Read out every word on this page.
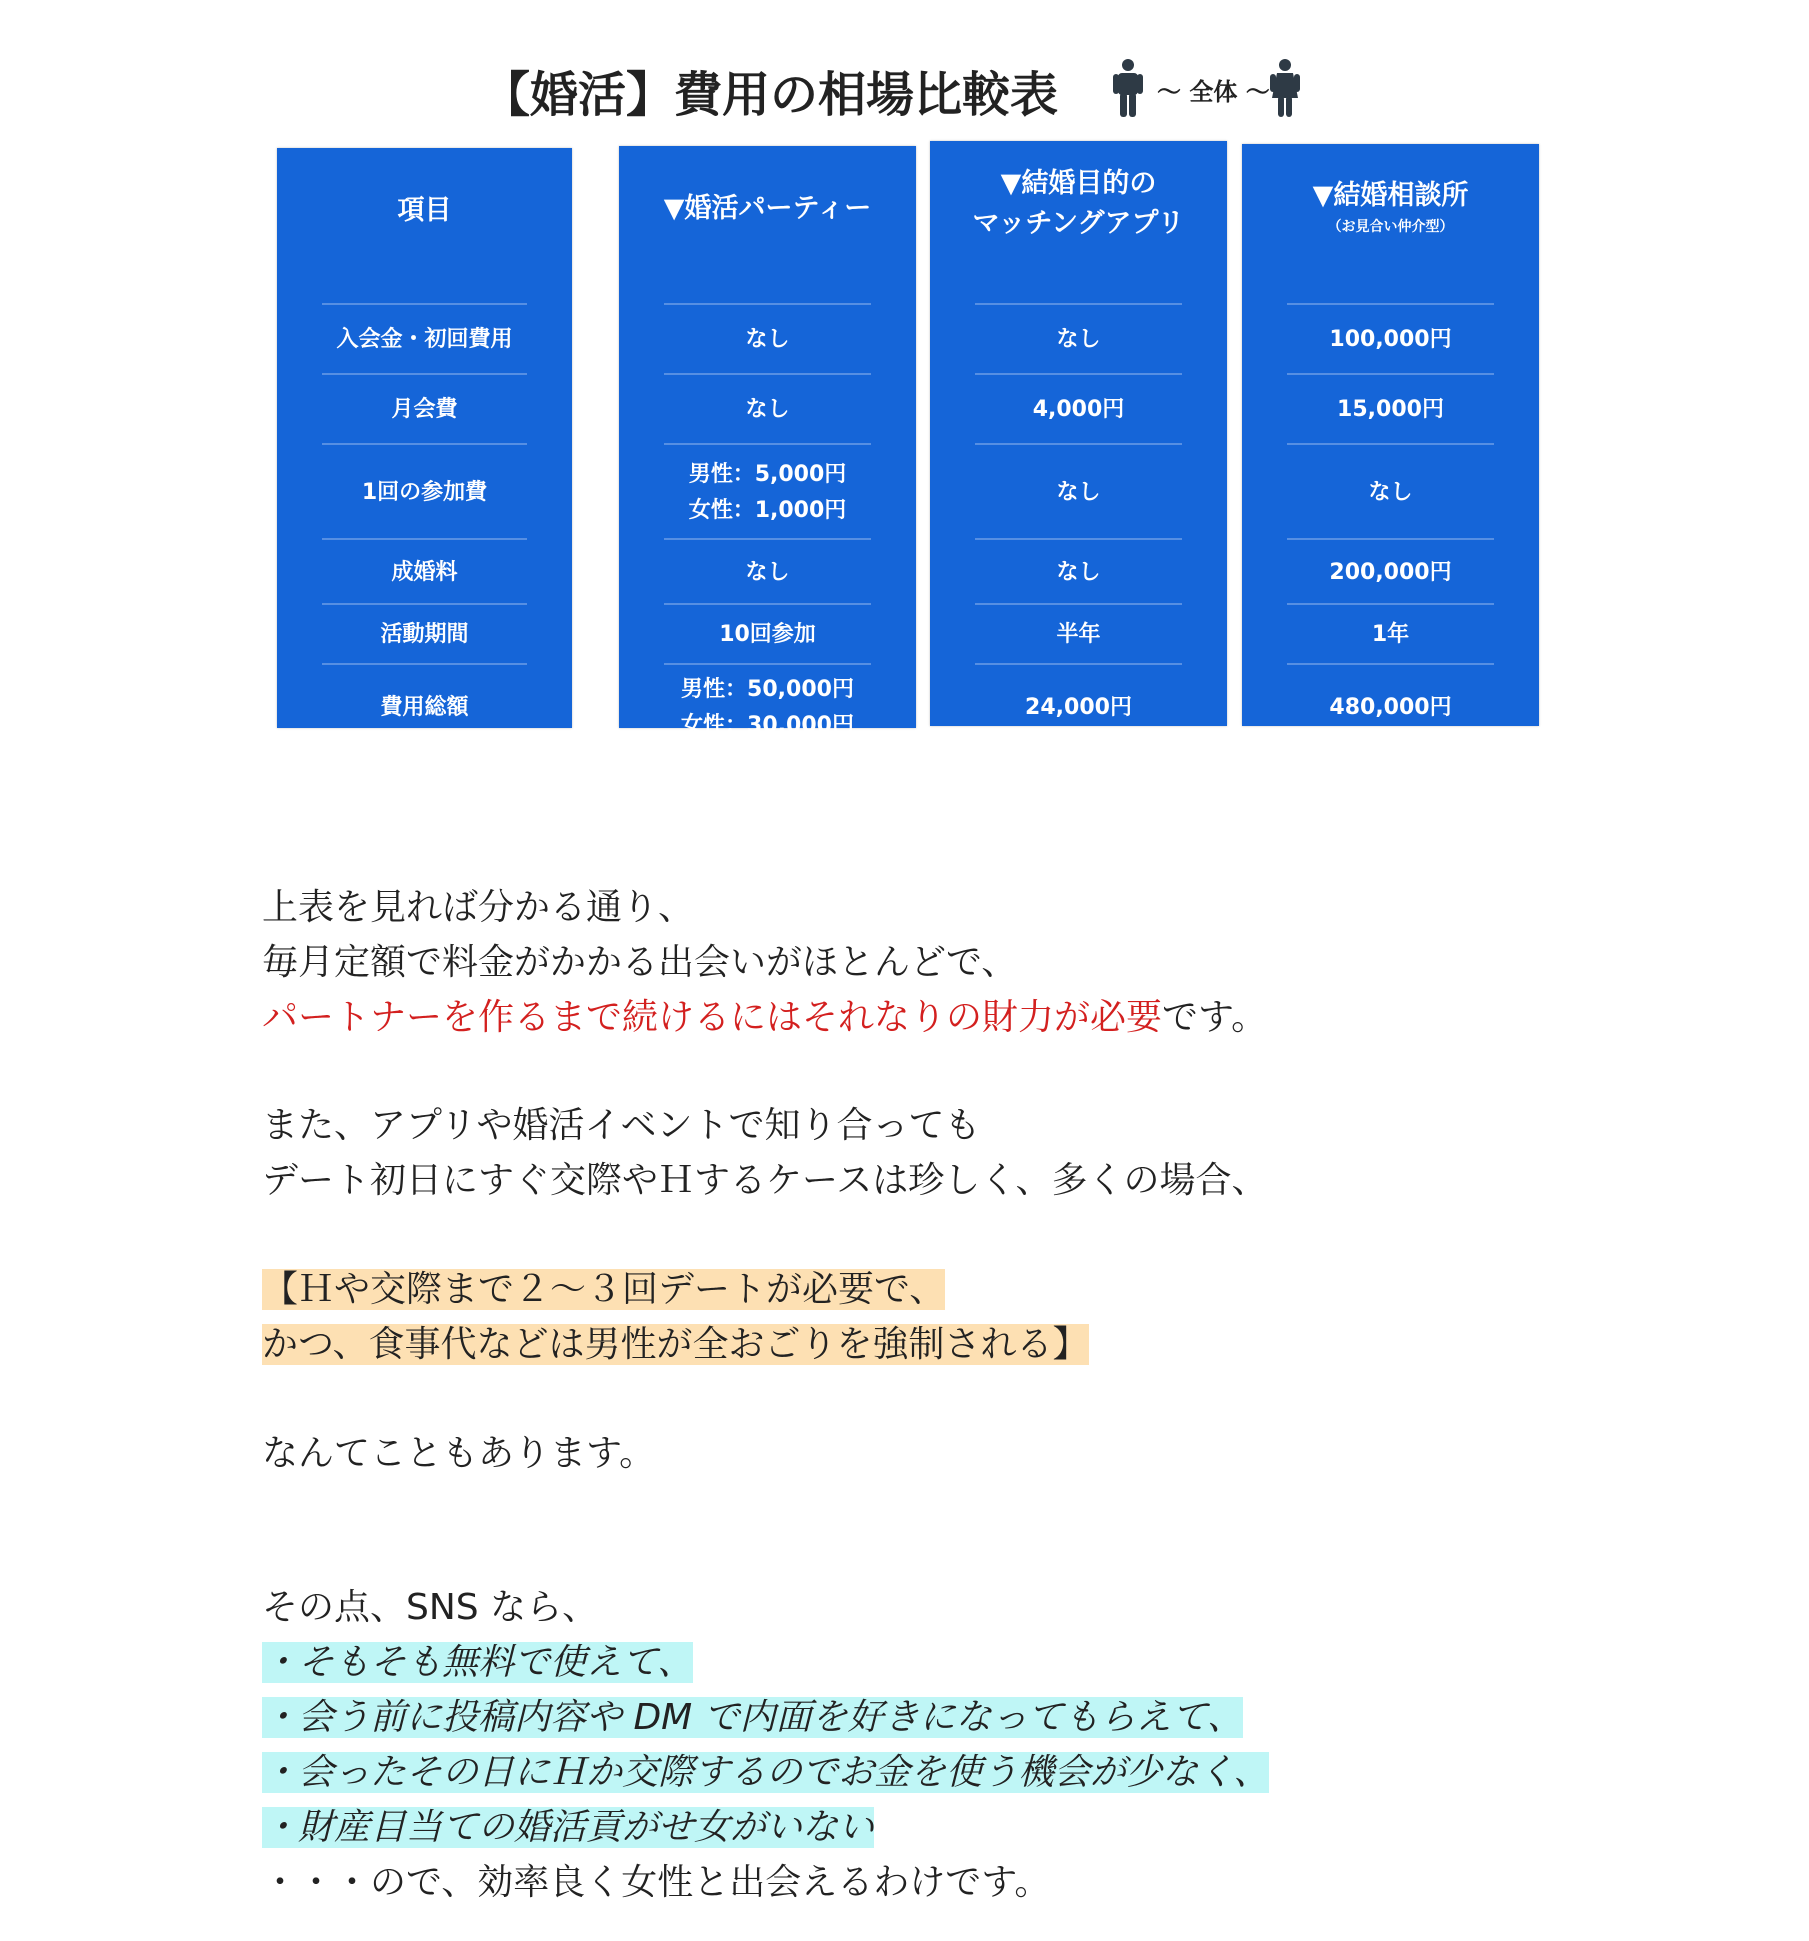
【婚活】費用の相場比較表	〜 全体 〜
項目
入会金・初回費用
月会費
1回の参加費
成婚料
活動期間
費用総額
▼婚活パーティー
なし
なし
男性：5,000円
女性：1,000円
なし
10回参加
男性：50,000円
女性：30,000円
▼結婚目的の
マッチングアプリ
なし
4,000円
なし
なし
半年
24,000円
▼結婚相談所
（お見合い仲介型）
100,000円
15,000円
なし
200,000円
1年
480,000円
上表を見れば分かる通り、
毎月定額で料金がかかる出会いがほとんどで、
パートナーを作るまで続けるにはそれなりの財力が必要です。
また、アプリや婚活イベントで知り合っても
デート初日にすぐ交際やＨするケースは珍しく、多くの場合、
【Ｈや交際まで２〜３回デートが必要で、
かつ、食事代などは男性が全おごりを強制される】
なんてこともあります。
その点、SNS なら、
・そもそも無料で使えて、
・会う前に投稿内容や DM で内面を好きになってもらえて、
・会ったその日にＨか交際するのでお金を使う機会が少なく、
・財産目当ての婚活貢がせ女がいない
・・・ので、効率良く女性と出会えるわけです。
